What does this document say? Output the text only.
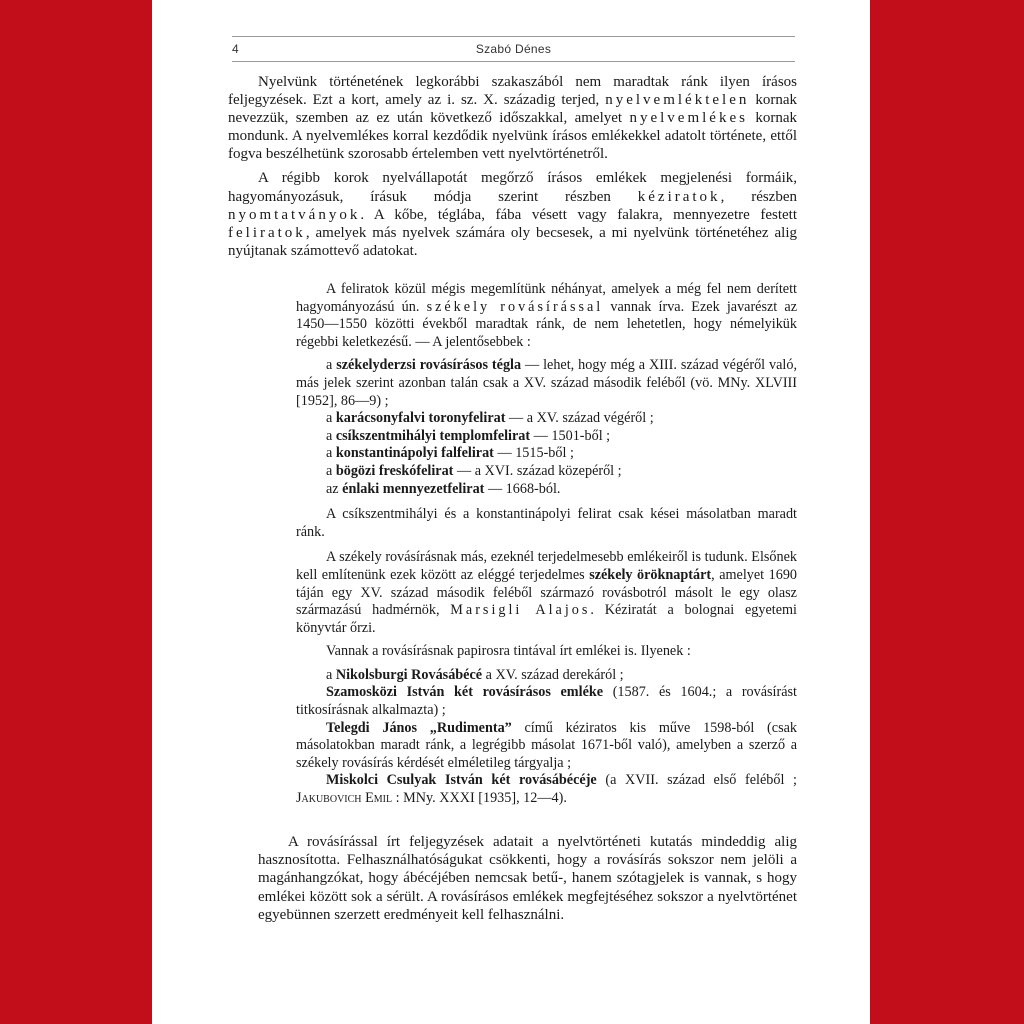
4	Szabó Dénes

Nyelvünk történetének legkorábbi szakaszából nem maradtak ránk ilyen írásos feljegyzések. Ezt a kort, amely az i. sz. X. századig terjed, nyelvemléktelen kornak nevezzük, szemben az ez után következő időszakkal, amelyet nyelvemlékes kornak mondunk. A nyelvemlékes korral kezdődik nyelvünk írásos emlékekkel adatolt története, ettől fogva beszélhetünk szorosabb értelemben vett nyelvtörténetről.

A régibb korok nyelvállapotát megőrző írásos emlékek megjelenési formáik, hagyományozásuk, írásuk módja szerint részben kéziratok, részben nyomtatványok. A kőbe, téglába, fába vésett vagy falakra, mennyezetre festett feliratok, amelyek más nyelvek számára oly becsesek, a mi nyelvünk történetéhez alig nyújtanak számottevő adatokat.

A feliratok közül mégis megemlítünk néhányat, amelyek a még fel nem derített hagyományozású ún. székely rovásírással vannak írva. Ezek javarészt az 1450—1550 közötti évekből maradtak ránk, de nem lehetetlen, hogy némelyikük régebbi keletkezésű. — A jelentősebbek :

a székelyderzsi rovásírásos tégla — lehet, hogy még a XIII. század végéről való, más jelek szerint azonban talán csak a XV. század második feléből (vö. MNy. XLVIII [1952], 86—9) ;

a karácsonyfalvi toronyfelirat — a XV. század végéről ;

a csíkszentmihályi templomfelirat — 1501-ből ;

a konstantinápolyi falfelirat — 1515-ből ;

a bögözi freskófelirat — a XVI. század közepéről ;

az énlaki mennyezetfelirat — 1668-ból.

A csíkszentmihályi és a konstantinápolyi felirat csak kései másolatban maradt ránk.

A székely rovásírásnak más, ezeknél terjedelmesebb emlékeiről is tudunk. Elsőnek kell említenünk ezek között az eléggé terjedelmes székely öröknaptárt, amelyet 1690 táján egy XV. század második feléből származó rovásbotról másolt le egy olasz származású hadmérnök, Marsigli Alajos. Kéziratát a bolognai egyetemi könyvtár őrzi.

Vannak a rovásírásnak papirosra tintával írt emlékei is. Ilyenek :

a Nikolsburgi Rovásábécé a XV. század derekáról ;

Szamosközi István két rovásírásos emléke (1587. és 1604.; a rovásírást titkosírásnak alkalmazta) ;

Telegdi János „Rudimenta” című kéziratos kis műve 1598-ból (csak másolatokban maradt ránk, a legrégibb másolat 1671-ből való), amelyben a szerző a székely rovásírás kérdését elméletileg tárgyalja ;

Miskolci Csulyak István két rovásábécéje (a XVII. század első feléből ; Jakubovich Emil : MNy. XXXI [1935], 12—4).

A rovásírással írt feljegyzések adatait a nyelvtörténeti kutatás mindeddig alig hasznosította. Felhasználhatóságukat csökkenti, hogy a rovásírás sokszor nem jelöli a magánhangzókat, hogy ábécéjében nemcsak betű-, hanem szótagjelek is vannak, s hogy emlékei között sok a sérült. A rovásírásos emlékek megfejtéséhez sokszor a nyelvtörténet egyebünnen szerzett eredményeit kell felhasználni.
